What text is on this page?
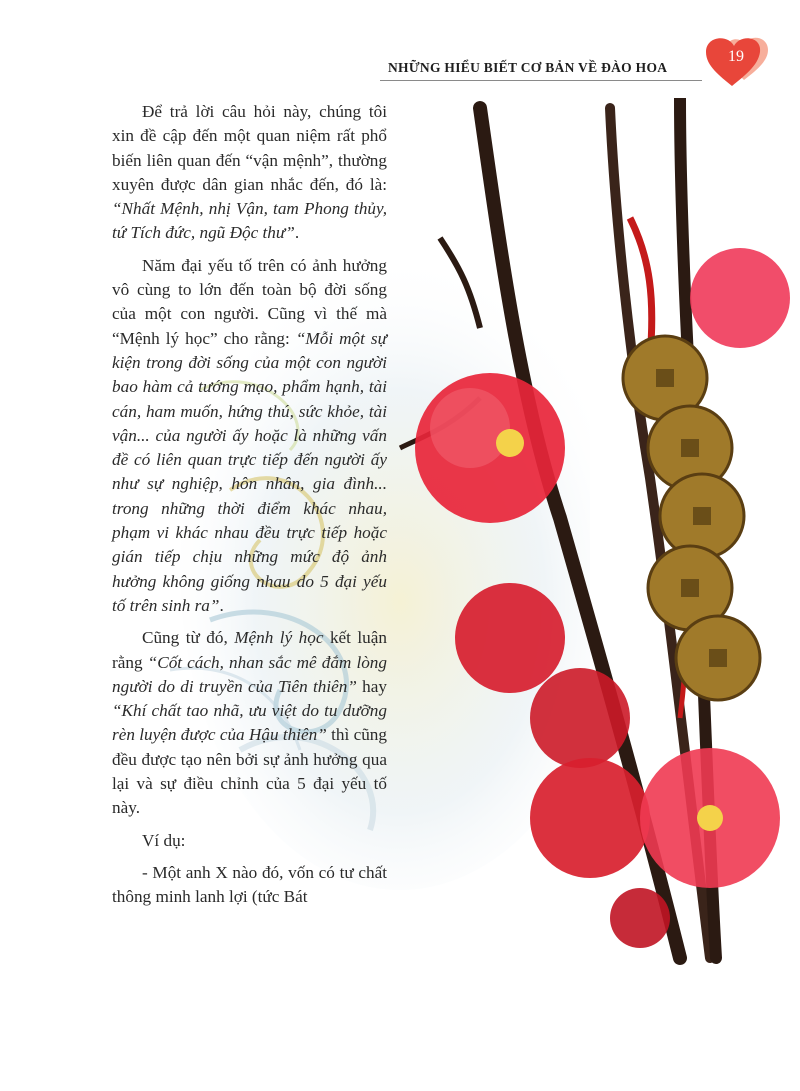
NHỮNG HIỂU BIẾT CƠ BẢN VỀ ĐÀO HOA
19

Để trả lời câu hỏi này, chúng tôi xin đề cập đến một quan niệm rất phổ biến liên quan đến “vận mệnh”, thường xuyên được dân gian nhắc đến, đó là: “Nhất Mệnh, nhị Vận, tam Phong thủy, tứ Tích đức, ngũ Độc thư”.

Năm đại yếu tố trên có ảnh hưởng vô cùng to lớn đến toàn bộ đời sống của một con người. Cũng vì thế mà “Mệnh lý học” cho rằng: “Mỗi một sự kiện trong đời sống của một con người bao hàm cả tướng mạo, phẩm hạnh, tài cán, ham muốn, hứng thú, sức khỏe, tài vận... của người ấy hoặc là những vấn đề có liên quan trực tiếp đến người ấy như sự nghiệp, hôn nhân, gia đình... trong những thời điểm khác nhau, phạm vi khác nhau đều trực tiếp hoặc gián tiếp chịu những mức độ ảnh hưởng không giống nhau do 5 đại yếu tố trên sinh ra”.

Cũng từ đó, Mệnh lý học kết luận rằng “Cốt cách, nhan sắc mê đắm lòng người do di truyền của Tiên thiên” hay “Khí chất tao nhã, ưu việt do tu dưỡng rèn luyện được của Hậu thiên” thì cũng đều được tạo nên bởi sự ảnh hưởng qua lại và sự điều chỉnh của 5 đại yếu tố này.

Ví dụ:

- Một anh X nào đó, vốn có tư chất thông minh lanh lợi (tức Bát
